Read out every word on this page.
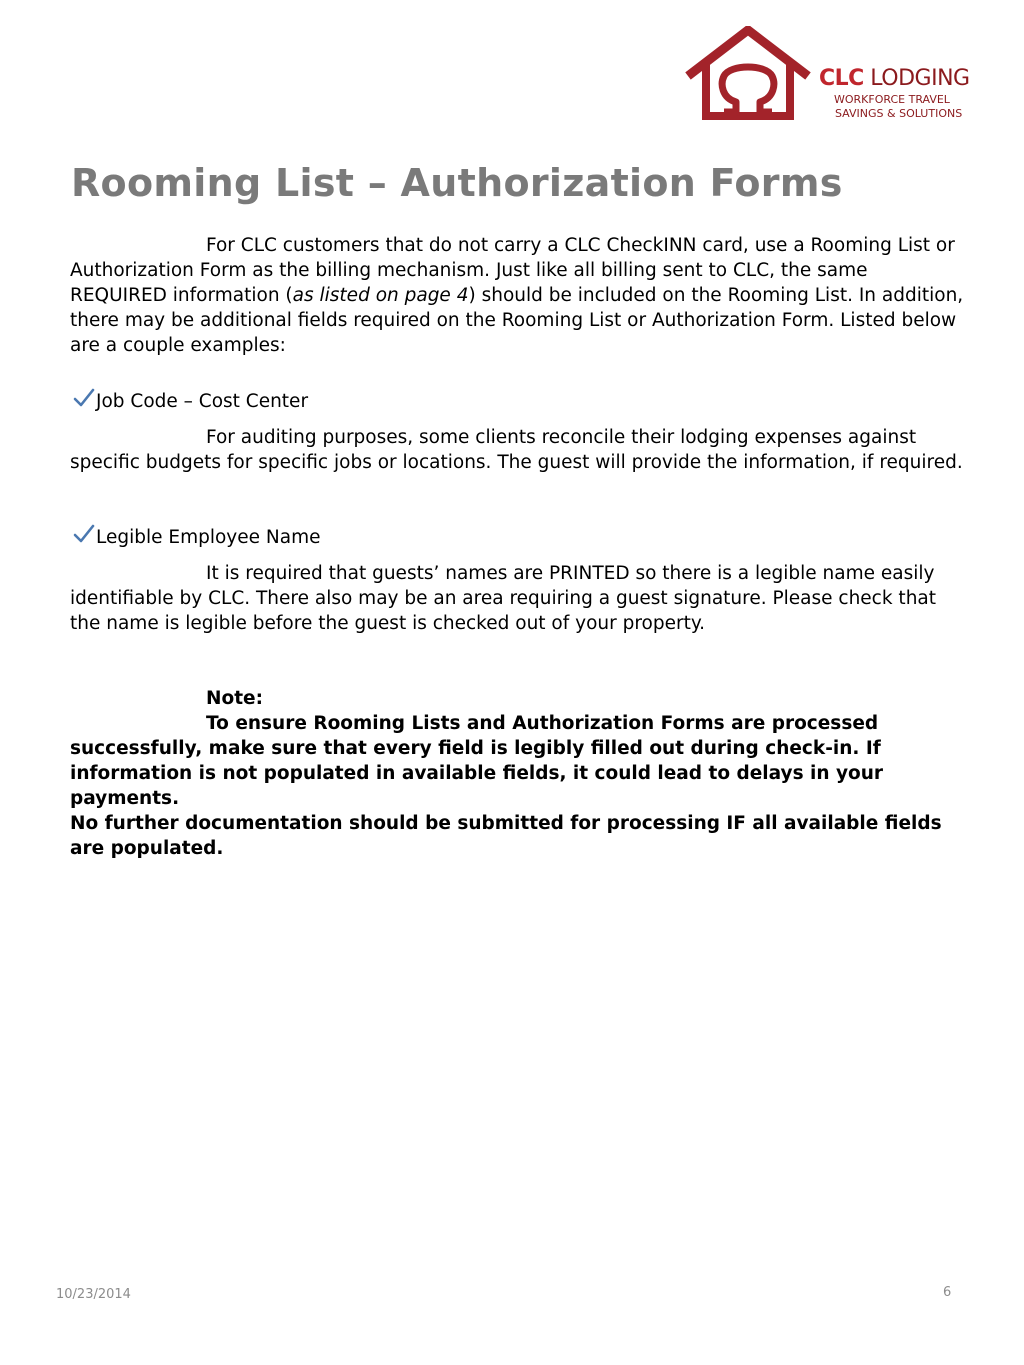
CLC LODGING
WORKFORCE TRAVEL
SAVINGS & SOLUTIONS
Rooming List – Authorization Forms

For CLC customers that do not carry a CLC CheckINN card, use a Rooming List or Authorization Form as the billing mechanism. Just like all billing sent to CLC, the same REQUIRED information (as listed on page 4) should be included on the Rooming List. In addition, there may be additional fields required on the Rooming List or Authorization Form. Listed below are a couple examples:

Job Code – Cost Center

For auditing purposes, some clients reconcile their lodging expenses against specific budgets for specific jobs or locations. The guest will provide the information, if required.

Legible Employee Name

It is required that guests’ names are PRINTED so there is a legible name easily identifiable by CLC. There also may be an area requiring a guest signature. Please check that the name is legible before the guest is checked out of your property.

Note:
To ensure Rooming Lists and Authorization Forms are processed successfully, make sure that every field is legibly filled out during check-in. If information is not populated in available fields, it could lead to delays in your payments.
No further documentation should be submitted for processing IF all available fields are populated.
10/23/2014	6
